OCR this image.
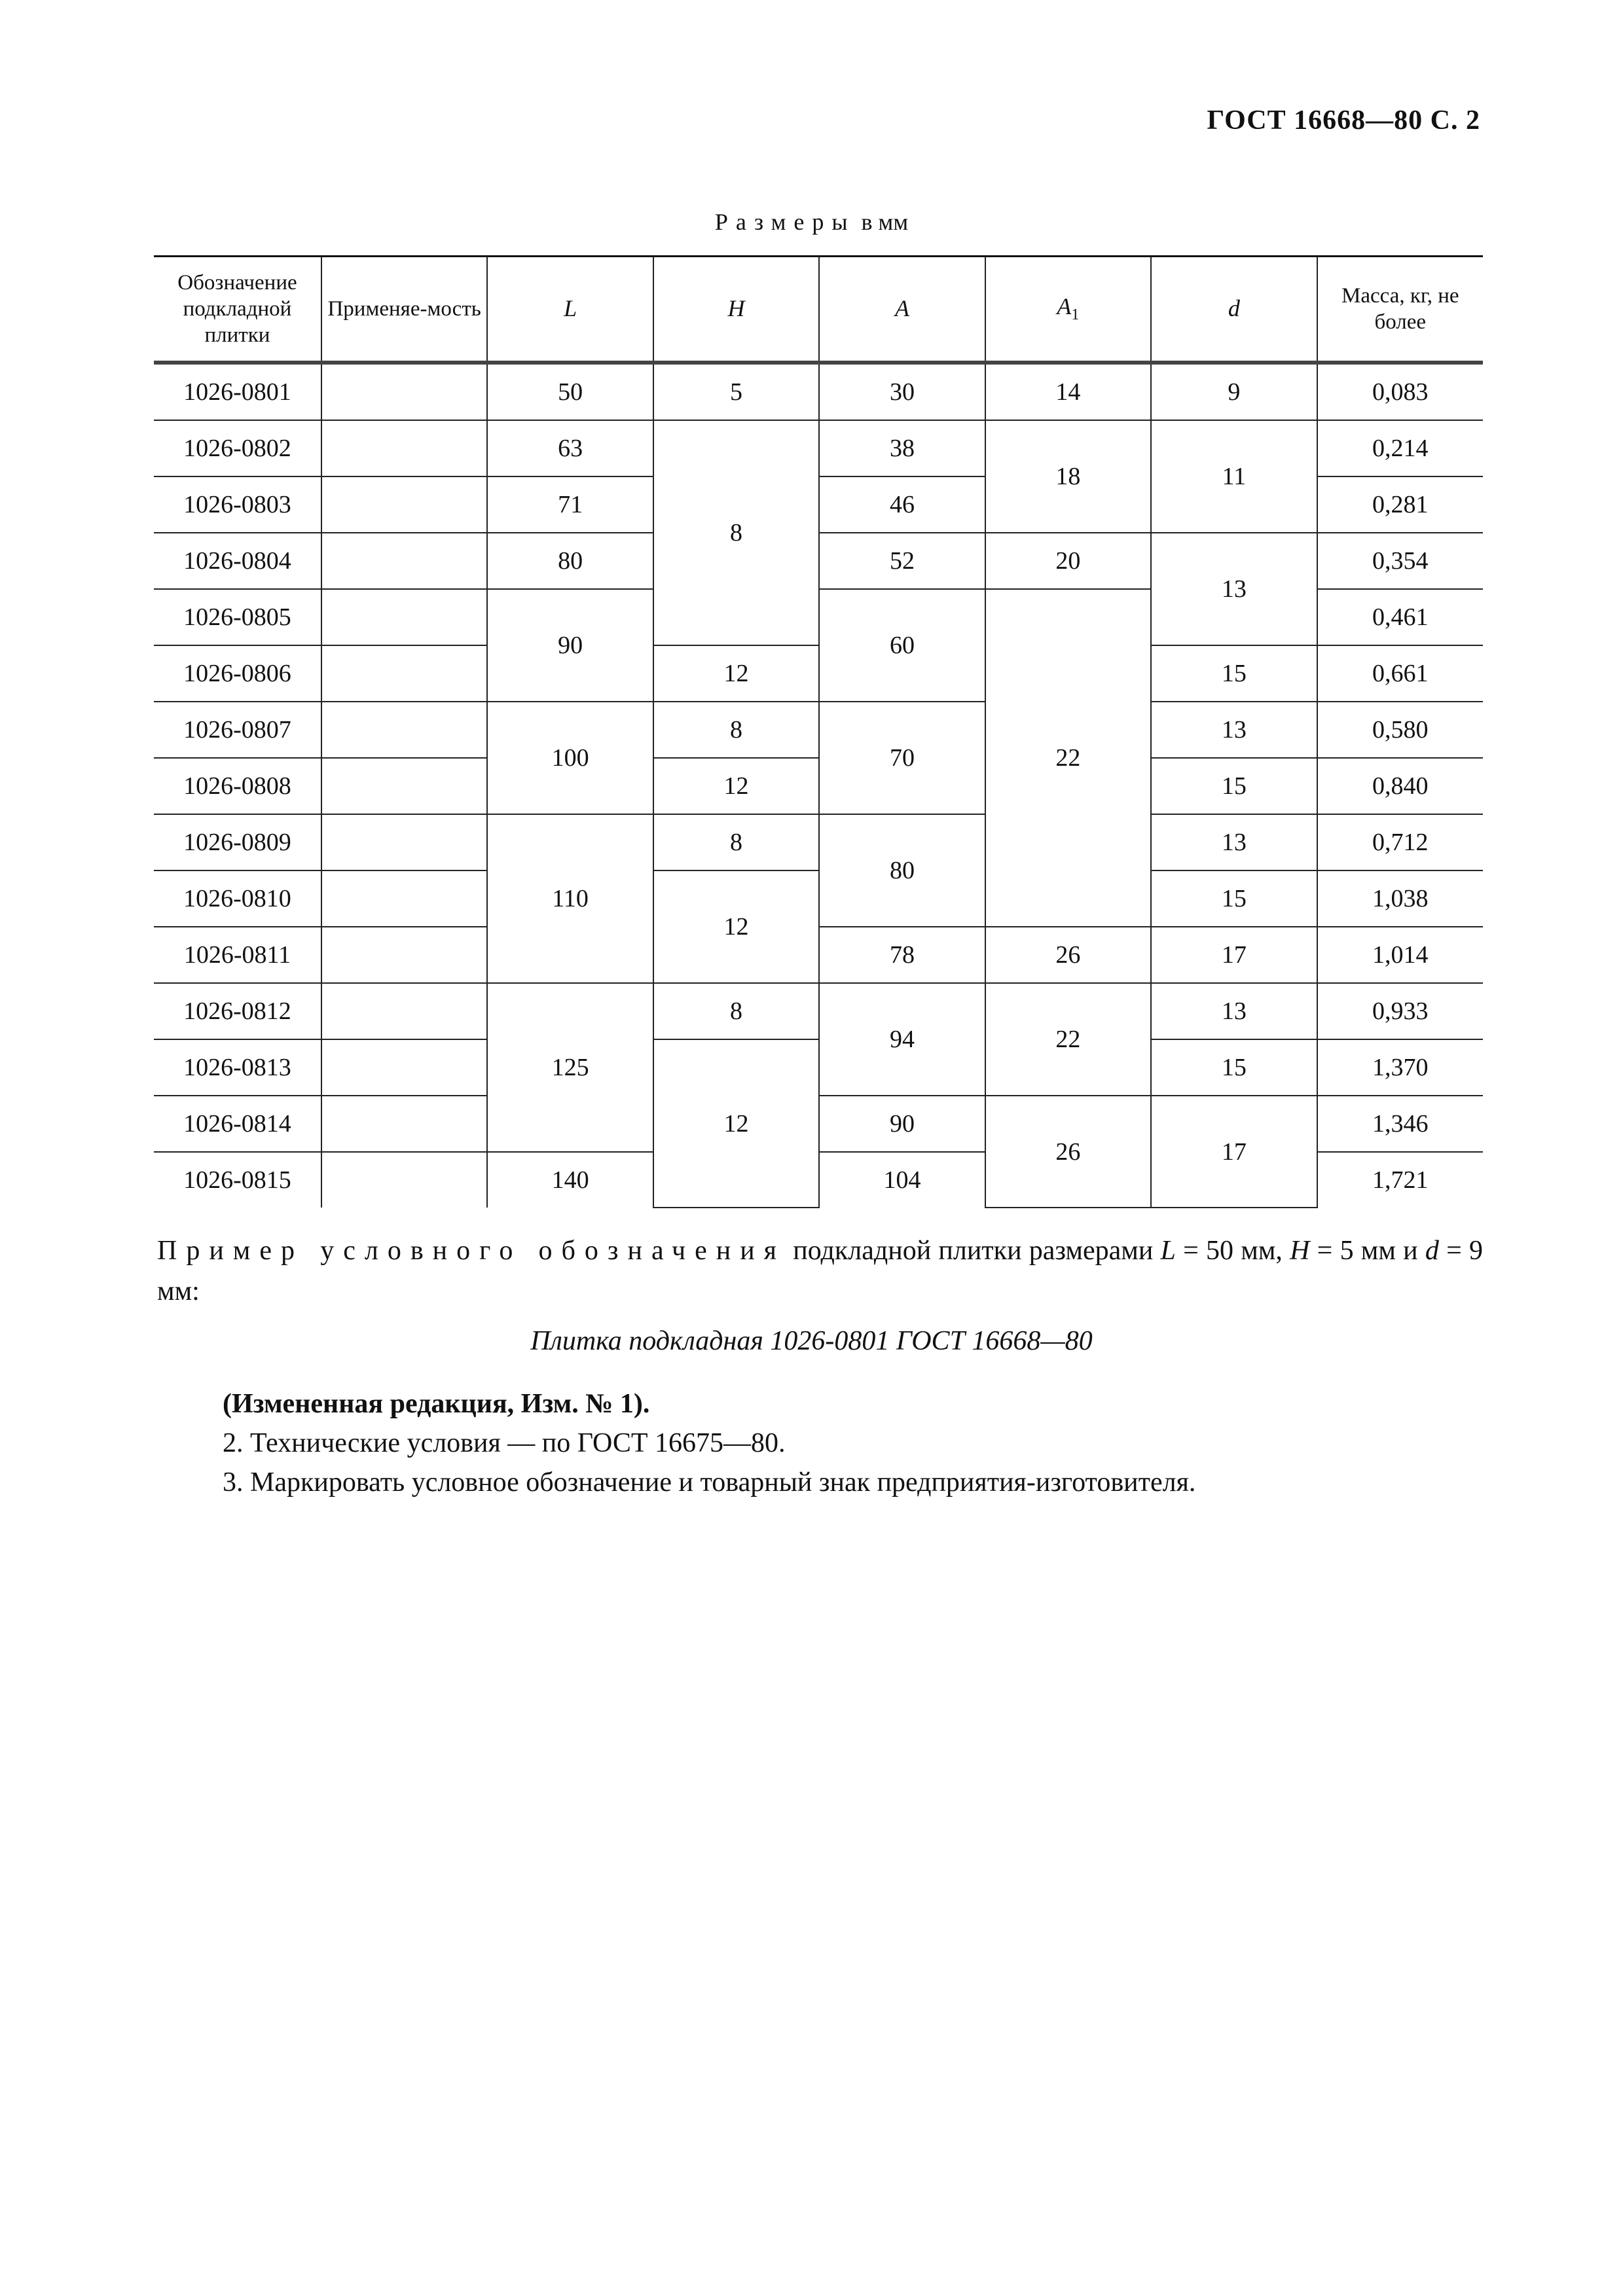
ГОСТ 16668—80 С. 2
Размеры в мм
Обозначение подкладной плитки	Применяе-мость	L	H	A	$A_1$	d	Масса, кг, не более
1026-0801		50	5	30	14	9	0,083
1026-0802		63	8	38	18	11	0,214
1026-0803		71		46			0,281
1026-0804		80		52	20	13	0,354
1026-0805		90		60	22		0,461
1026-0806			12			15	0,661
1026-0807		100	8	70		13	0,580
1026-0808			12			15	0,840
1026-0809		110	8	80		13	0,712
1026-0810			12			15	1,038
1026-0811				78	26	17	1,014
1026-0812		125	8	94	22	13	0,933
1026-0813			12			15	1,370
1026-0814				90	26	17	1,346
1026-0815		140		104			1,721
Пример условного обозначения подкладной плитки размерами L = 50 мм, H = 5 мм и d = 9 мм:
Плитка подкладная 1026-0801 ГОСТ 16668—80
(Измененная редакция, Изм. № 1).
2. Технические условия — по ГОСТ 16675—80.
3. Маркировать условное обозначение и товарный знак предприятия-изготовителя.
